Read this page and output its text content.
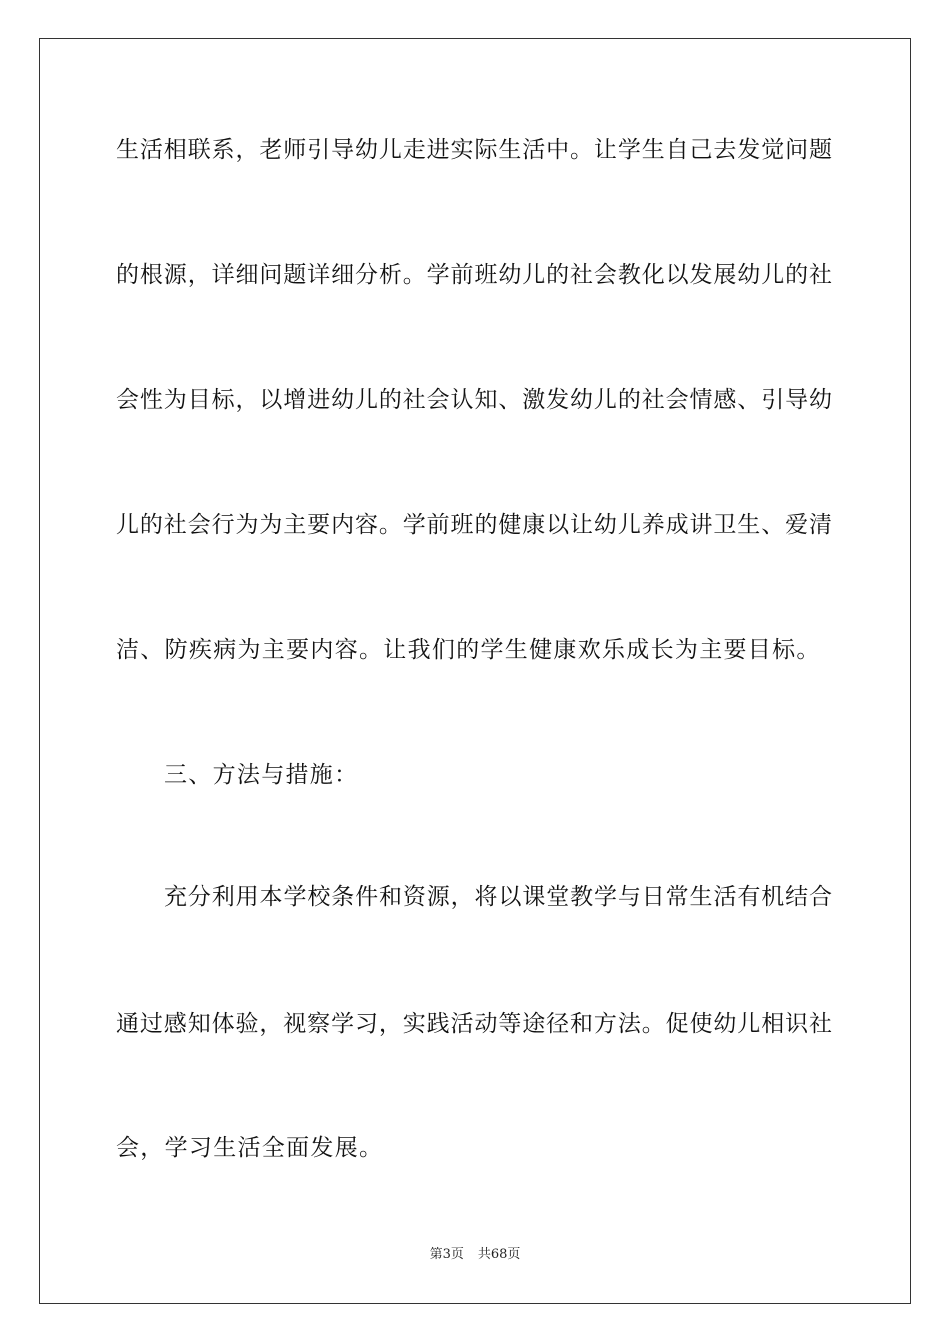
生活相联系，老师引导幼儿走进实际生活中。让学生自己去发觉问题
的根源，详细问题详细分析。学前班幼儿的社会教化以发展幼儿的社
会性为目标，以增进幼儿的社会认知、激发幼儿的社会情感、引导幼
儿的社会行为为主要内容。学前班的健康以让幼儿养成讲卫生、爱清
洁、防疾病为主要内容。让我们的学生健康欢乐成长为主要目标。
三、方法与措施：
充分利用本学校条件和资源，将以课堂教学与日常生活有机结合
通过感知体验，视察学习，实践活动等途径和方法。促使幼儿相识社
会，学习生活全面发展。
第3页 共68页
